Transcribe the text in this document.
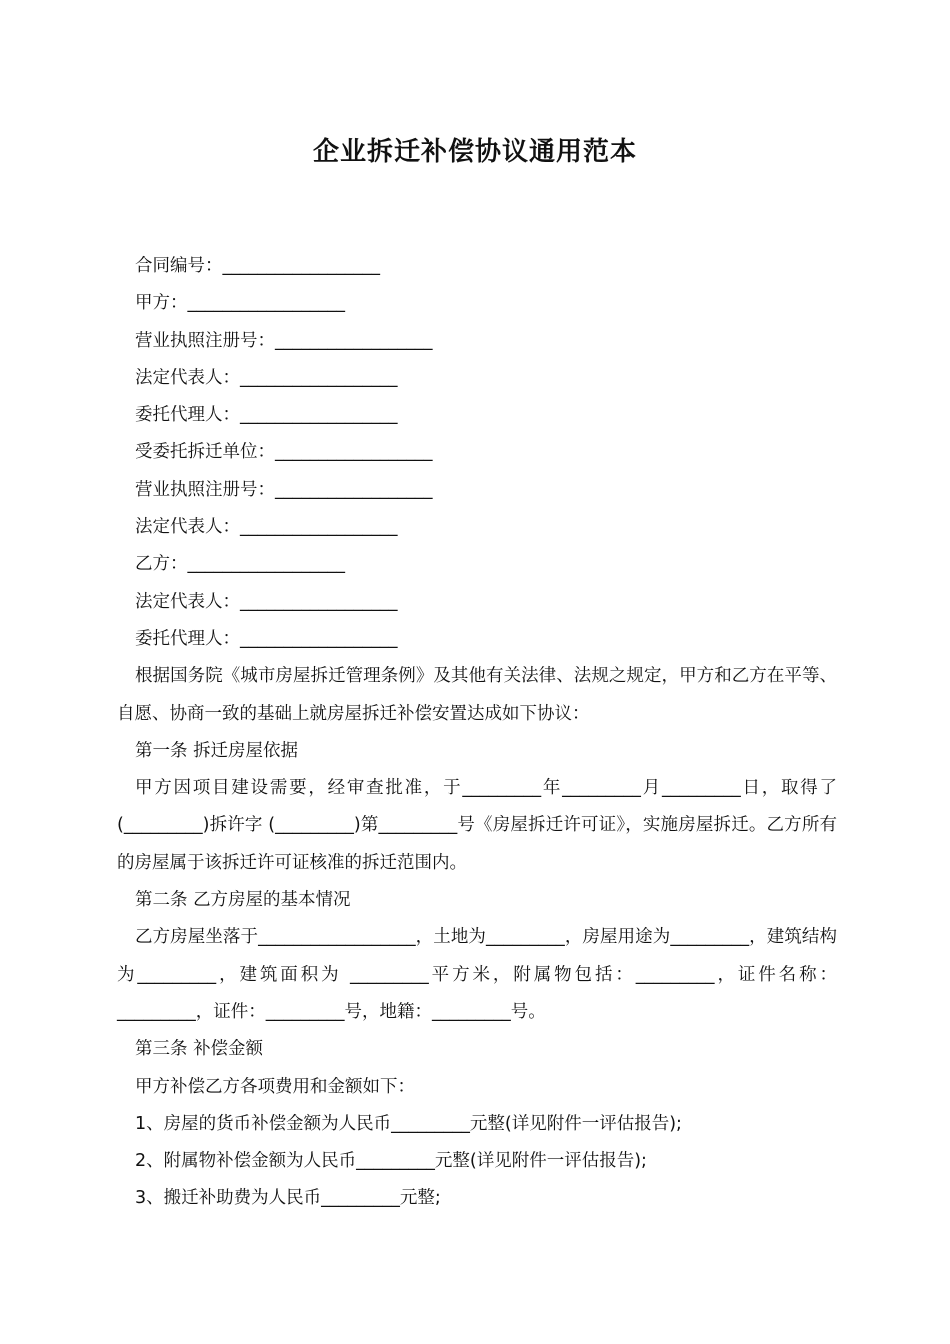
企业拆迁补偿协议通用范本

合同编号：__________________

甲方：__________________

营业执照注册号：__________________

法定代表人：__________________

委托代理人：__________________

受委托拆迁单位：__________________

营业执照注册号：__________________

法定代表人：__________________

乙方：__________________

法定代表人：__________________

委托代理人：__________________

根据国务院《城市房屋拆迁管理条例》及其他有关法律、法规之规定，甲方和乙方在平等、自愿、协商一致的基础上就房屋拆迁补偿安置达成如下协议：

第一条 拆迁房屋依据

甲方因项目建设需要，经审查批准，于_________年_________月_________日，取得了(_________)拆许字 (_________)第_________号《房屋拆迁许可证》，实施房屋拆迁。乙方所有的房屋属于该拆迁许可证核准的拆迁范围内。

第二条 乙方房屋的基本情况

乙方房屋坐落于__________________，土地为_________，房屋用途为_________，建筑结构为_________，建筑面积为 _________平方米，附属物包括：_________，证件名称：_________，证件：_________号，地籍：_________号。

第三条 补偿金额

甲方补偿乙方各项费用和金额如下：

1、房屋的货币补偿金额为人民币_________元整(详见附件一评估报告);

2、附属物补偿金额为人民币_________元整(详见附件一评估报告);

3、搬迁补助费为人民币_________元整;
